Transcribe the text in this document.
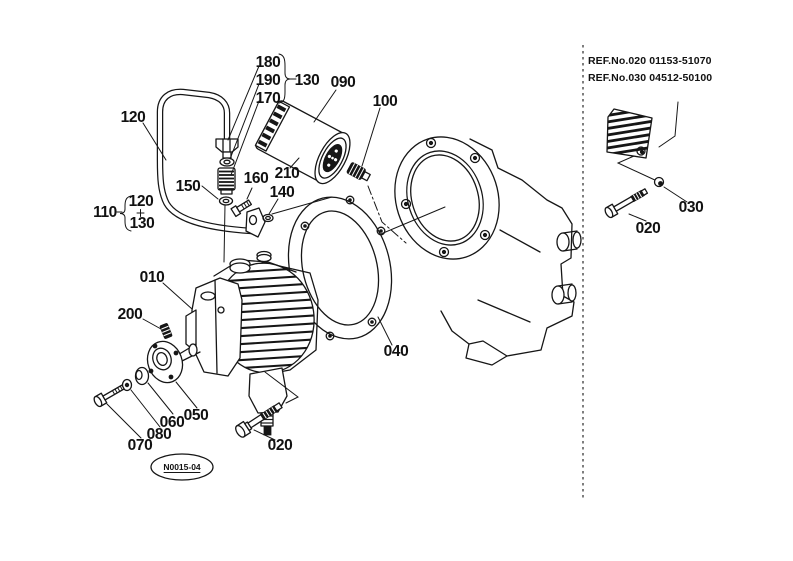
120
180
190
170
130 090
100
150	160 210
140
110
120
130
010
200
040
050
060
080
070	020
N0015-04
REF.No.020 01153-51070
REF.No.030 04512-50100
030
020
